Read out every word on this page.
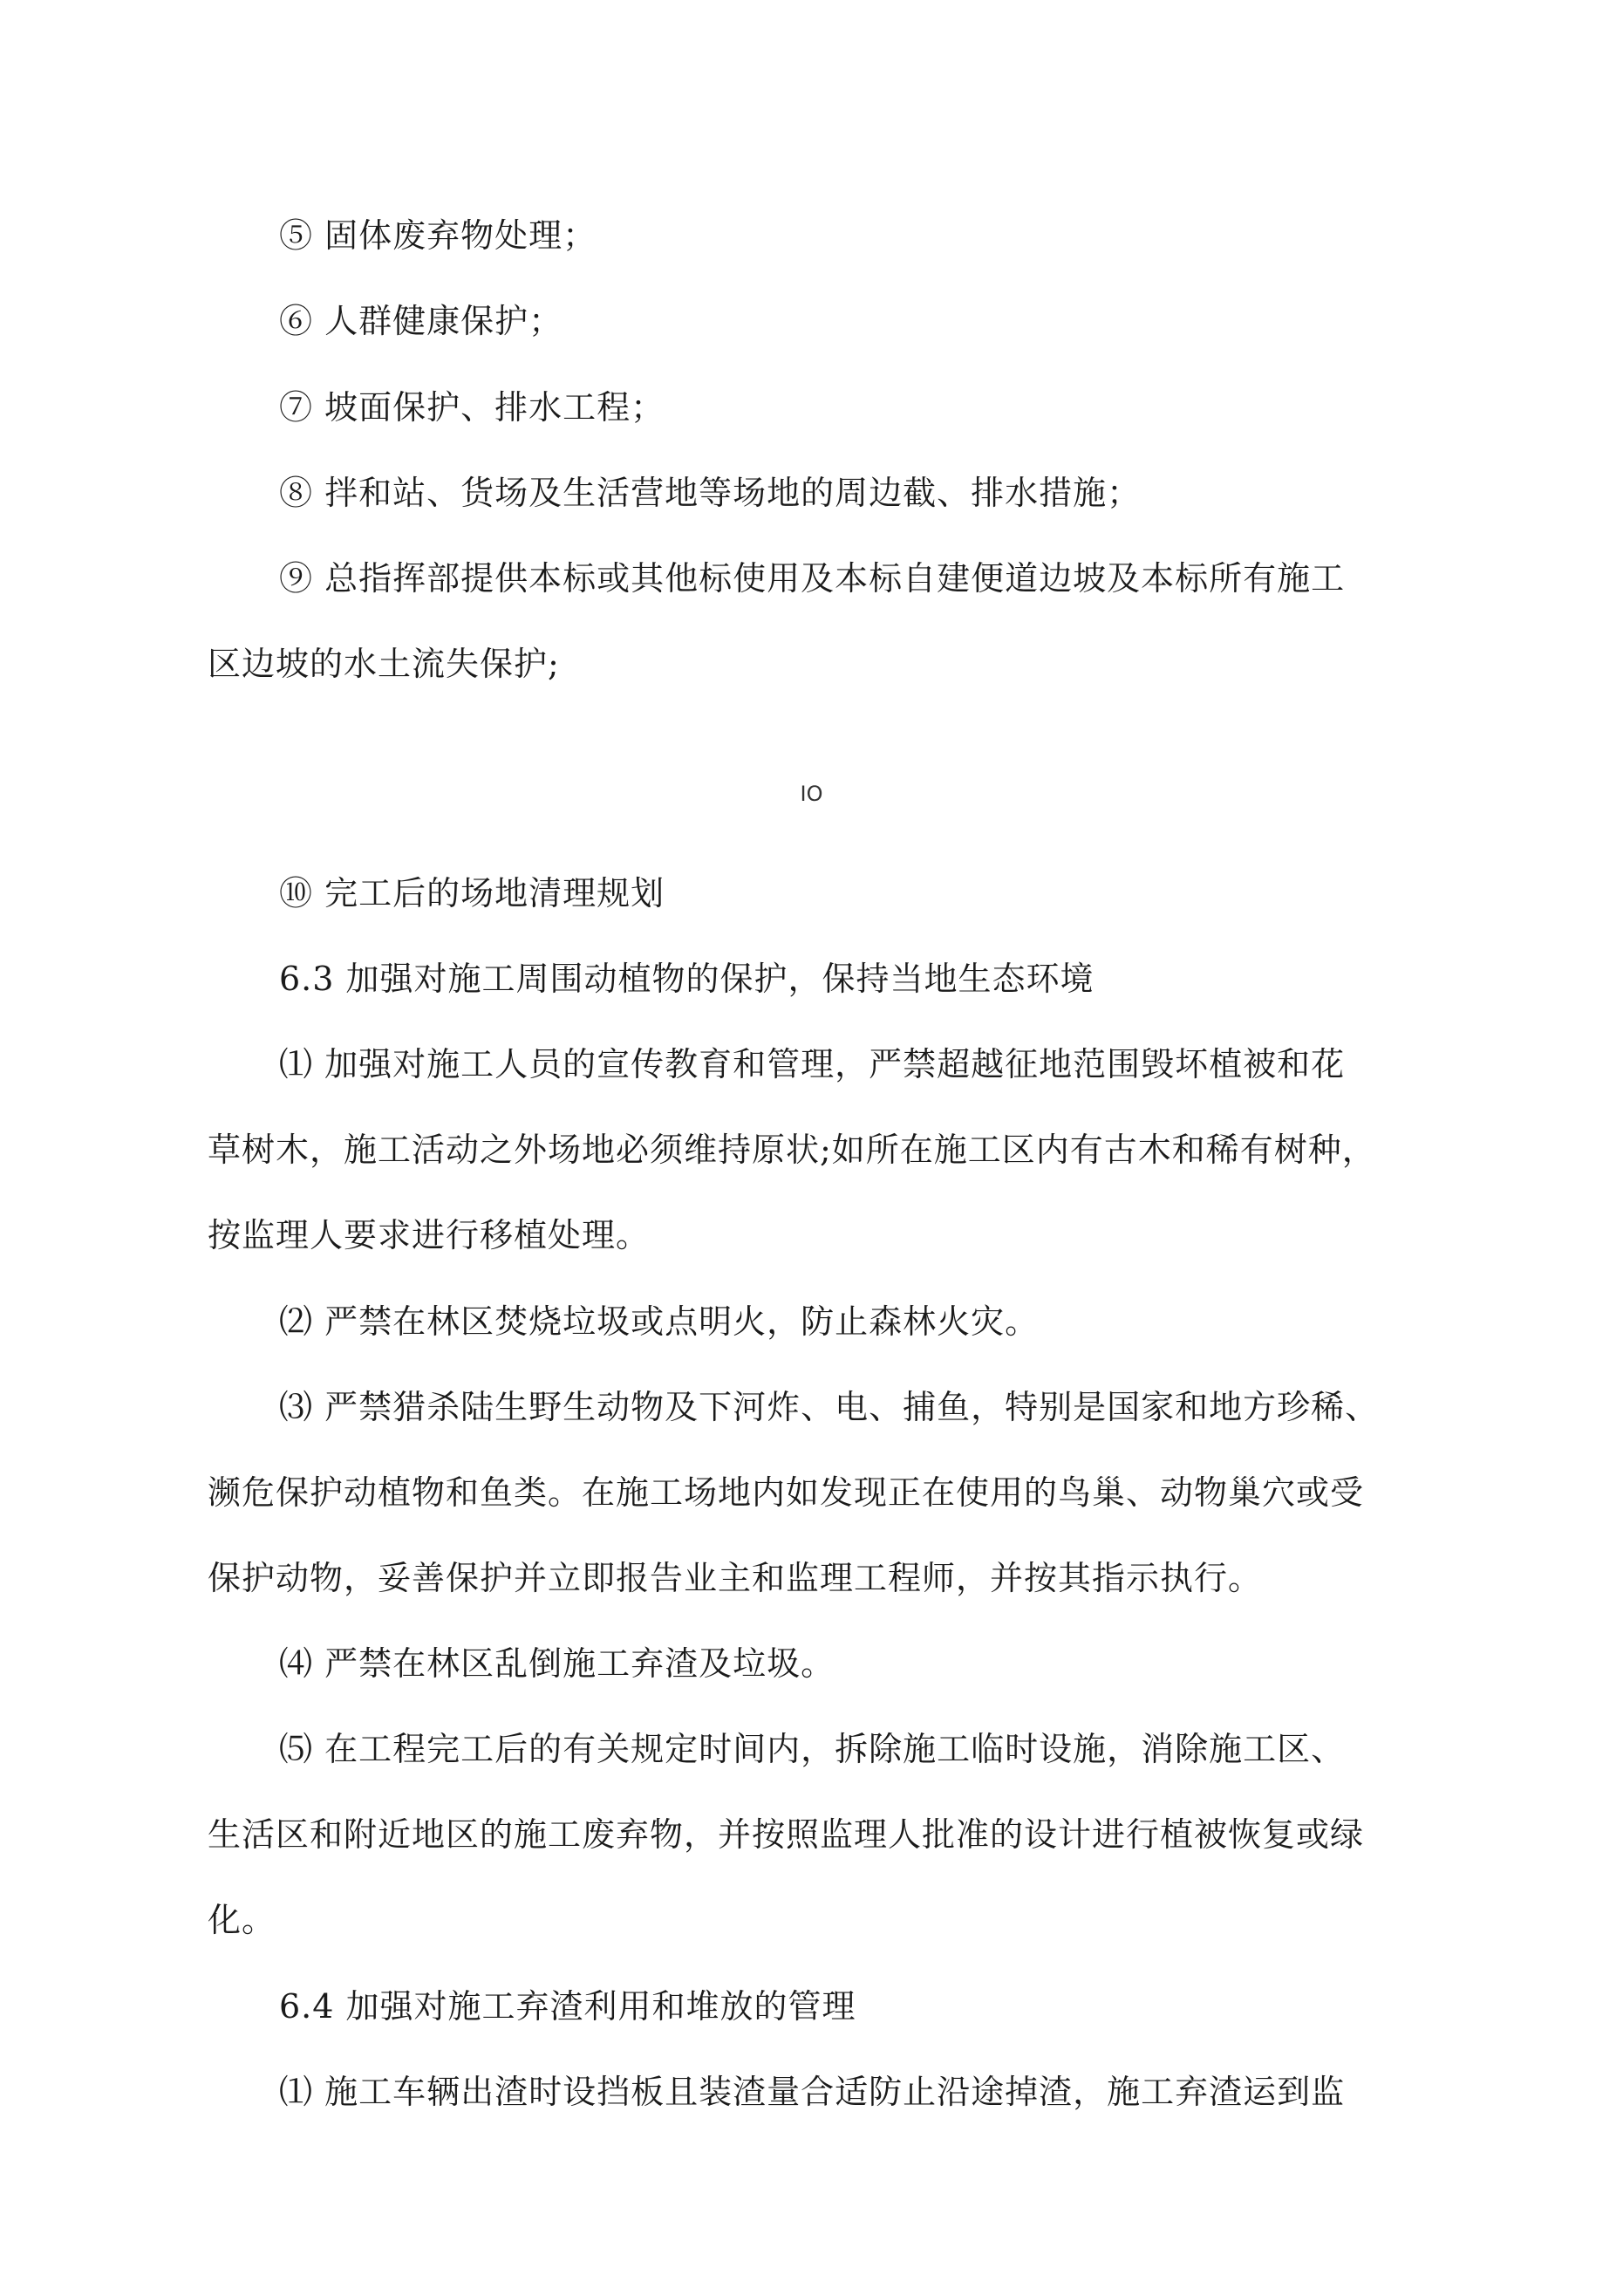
⑤ 固体废弃物处理；
⑥ 人群健康保护；
⑦ 坡面保护、排水工程；
⑧ 拌和站、货场及生活营地等场地的周边截、排水措施；
⑨ 总指挥部提供本标或其他标使用及本标自建便道边坡及本标所有施工
区边坡的水土流失保护;
IO
⑩ 完工后的场地清理规划
6.3 加强对施工周围动植物的保护，保持当地生态环境
⑴ 加强对施工人员的宣传教育和管理，严禁超越征地范围毁坏植被和花
草树木，施工活动之外场地必须维持原状;如所在施工区内有古木和稀有树种，
按监理人要求进行移植处理。
⑵ 严禁在林区焚烧垃圾或点明火，防止森林火灾。
⑶ 严禁猎杀陆生野生动物及下河炸、电、捕鱼，特别是国家和地方珍稀、
濒危保护动植物和鱼类。在施工场地内如发现正在使用的鸟巢、动物巢穴或受
保护动物，妥善保护并立即报告业主和监理工程师，并按其指示执行。
⑷ 严禁在林区乱倒施工弃渣及垃圾。
⑸ 在工程完工后的有关规定时间内，拆除施工临时设施，消除施工区、
生活区和附近地区的施工废弃物，并按照监理人批准的设计进行植被恢复或绿
化。
6.4 加强对施工弃渣利用和堆放的管理
⑴ 施工车辆出渣时设挡板且装渣量合适防止沿途掉渣，施工弃渣运到监
